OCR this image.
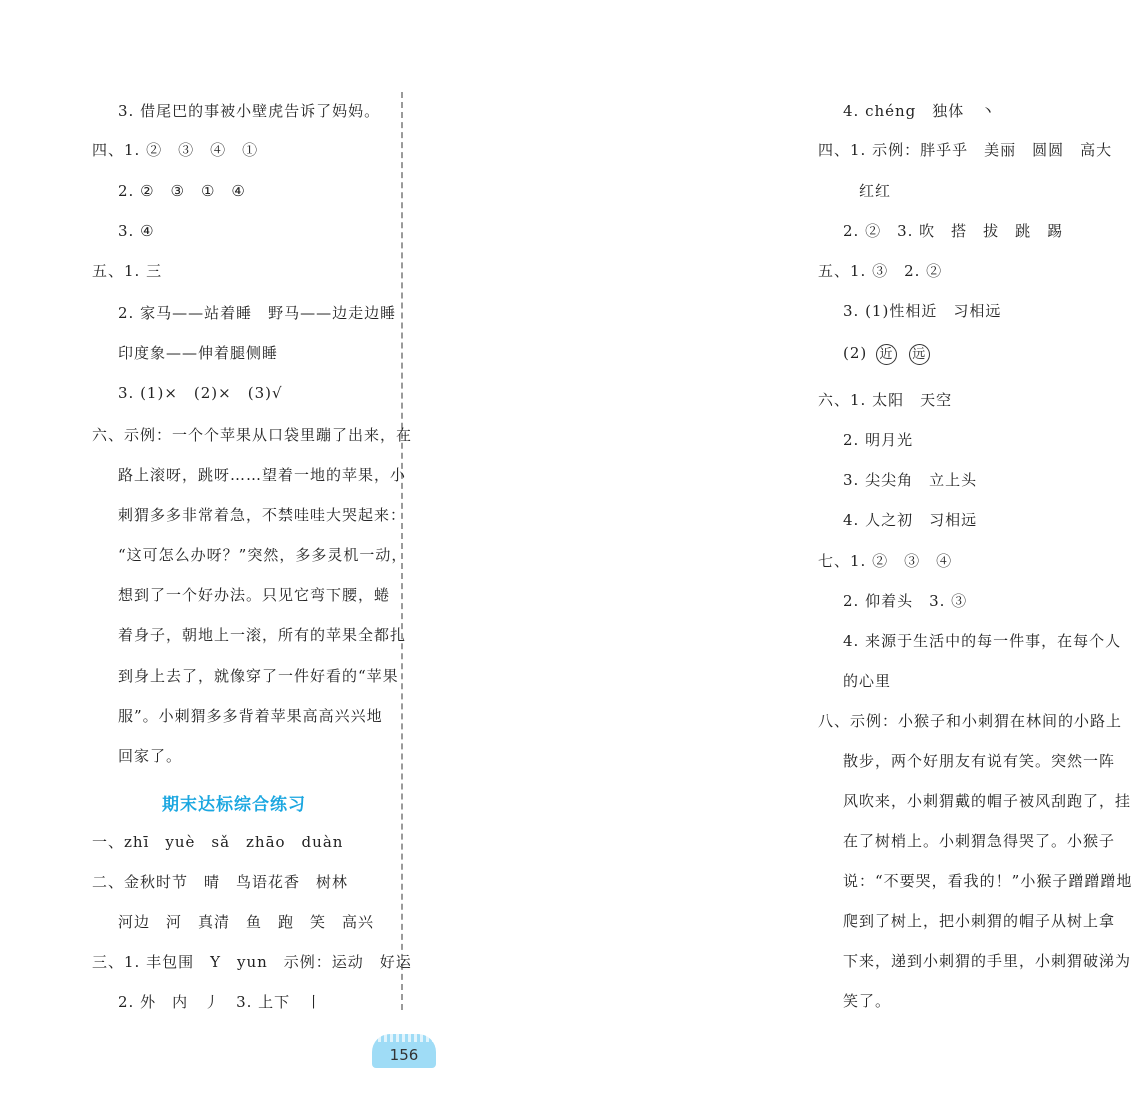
3. 借尾巴的事被小壁虎告诉了妈妈。
四、1. ②　③　④　①
2. ②　③　①　④
3. ④
五、1. 三
2. 家马——站着睡　野马——边走边睡
印度象——伸着腿侧睡
3. (1)×　(2)×　(3)√
六、示例：一个个苹果从口袋里蹦了出来，在
路上滚呀，跳呀……望着一地的苹果，小
刺猬多多非常着急，不禁哇哇大哭起来：
“这可怎么办呀？”突然，多多灵机一动，
想到了一个好办法。只见它弯下腰，蜷
着身子，朝地上一滚，所有的苹果全都扎
到身上去了，就像穿了一件好看的“苹果
服”。小刺猬多多背着苹果高高兴兴地
回家了。
期末达标综合练习
一、zhī　yuè　sǎ　zhāo　duàn
二、金秋时节　晴　鸟语花香　树林
河边　河　真清　鱼　跑　笑　高兴
三、1. 丰包围　Y　yun　示例：运动　好运
2. 外　内　丿　3. 上下　丨
4. chéng　独体　丶
四、1. 示例：胖乎乎　美丽　圆圆　高大
红红
2. ②　3. 吹　搭　拔　跳　踢
五、1. ③　2. ②
3. (1)性相近　习相远
(2) 近 远
六、1. 太阳　天空
2. 明月光
3. 尖尖角　立上头
4. 人之初　习相远
七、1. ②　③　④
2. 仰着头　3. ③
4. 来源于生活中的每一件事，在每个人
的心里
八、示例：小猴子和小刺猬在林间的小路上
散步，两个好朋友有说有笑。突然一阵
风吹来，小刺猬戴的帽子被风刮跑了，挂
在了树梢上。小刺猬急得哭了。小猴子
说：“不要哭，看我的！”小猴子蹭蹭蹭地
爬到了树上，把小刺猬的帽子从树上拿
下来，递到小刺猬的手里，小刺猬破涕为
笑了。
156
